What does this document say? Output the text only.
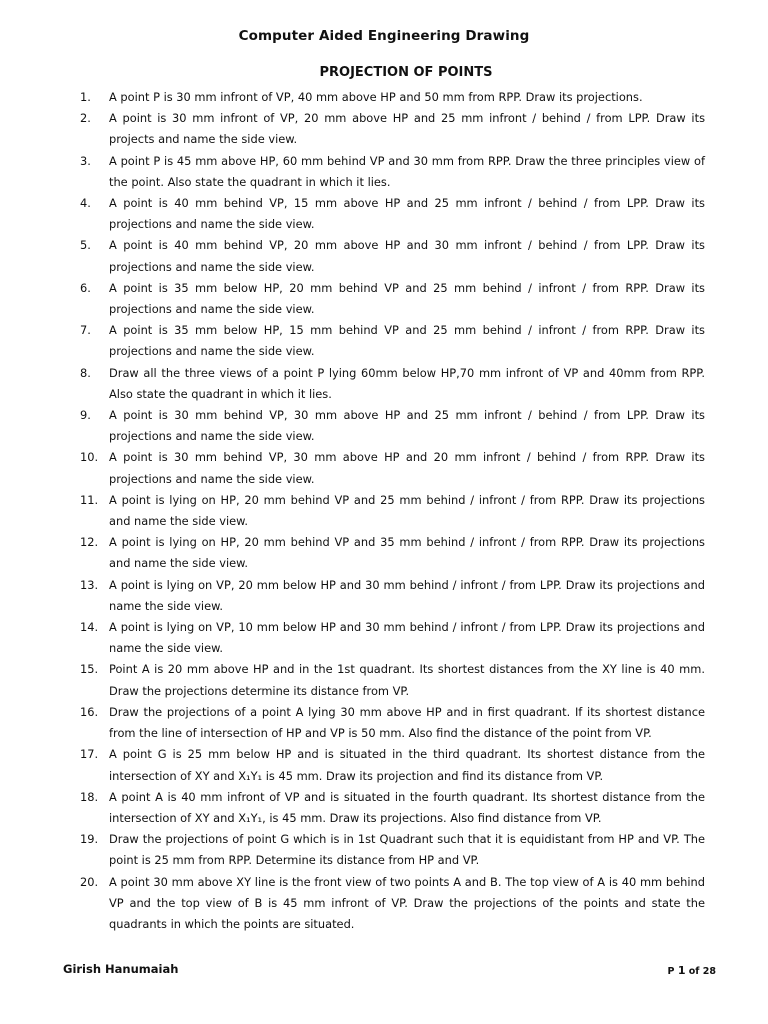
Computer Aided Engineering Drawing
PROJECTION OF POINTS
1.	A point P is 30 mm infront of VP, 40 mm above HP and 50 mm from RPP. Draw its projections.
2.	A point is 30 mm infront of VP, 20 mm above HP and 25 mm infront / behind / from LPP. Draw its projects and name the side view.
3.	A point P is 45 mm above HP, 60 mm behind VP and 30 mm from RPP. Draw the three principles view of the point. Also state the quadrant in which it lies.
4.	A point is 40 mm behind VP, 15 mm above HP and 25 mm infront / behind / from LPP. Draw its projections and name the side view.
5.	A point is 40 mm behind VP, 20 mm above HP and 30 mm infront / behind / from LPP. Draw its projections and name the side view.
6.	A point is 35 mm below HP, 20 mm behind VP and 25 mm behind / infront / from RPP. Draw its projections and name the side view.
7.	A point is 35 mm below HP, 15 mm behind VP and 25 mm behind / infront / from RPP. Draw its projections and name the side view.
8.	Draw all the three views of a point P lying 60mm below HP,70 mm infront of VP and 40mm from RPP. Also state the quadrant in which it lies.
9.	A point is 30 mm behind VP, 30 mm above HP and 25 mm infront / behind / from LPP. Draw its projections and name the side view.
10. A point is 30 mm behind VP, 30 mm above HP and 20 mm infront / behind / from RPP. Draw its projections and name the side view.
11. A point is lying on HP, 20 mm behind VP and 25 mm behind / infront / from RPP. Draw its projections and name the side view.
12. A point is lying on HP, 20 mm behind VP and 35 mm behind / infront / from RPP. Draw its projections and name the side view.
13. A point is lying on VP, 20 mm below HP and 30 mm behind / infront / from LPP. Draw its projections and name the side view.
14. A point is lying on VP, 10 mm below HP and 30 mm behind / infront / from LPP. Draw its projections and name the side view.
15. Point A is 20 mm above HP and in the 1st quadrant. Its shortest distances from the XY line is 40 mm. Draw the projections determine its distance from VP.
16. Draw the projections of a point A lying 30 mm above HP and in first quadrant. If its shortest distance from the line of intersection of HP and VP is 50 mm. Also find the distance of the point from VP.
17. A point G is 25 mm below HP and is situated in the third quadrant. Its shortest distance from the intersection of XY and X₁Y₁ is 45 mm. Draw its projection and find its distance from VP.
18. A point A is 40 mm infront of VP and is situated in the fourth quadrant. Its shortest distance from the intersection of XY and X₁Y₁, is 45 mm. Draw its projections. Also find distance from VP.
19. Draw the projections of point G which is in 1st Quadrant such that it is equidistant from HP and VP. The point is 25 mm from RPP. Determine its distance from HP and VP.
20. A point 30 mm above XY line is the front view of two points A and B. The top view of A is 40 mm behind VP and the top view of B is 45 mm infront of VP. Draw the projections of the points and state the quadrants in which the points are situated.
Girish Hanumaiah	P 1 of 28
